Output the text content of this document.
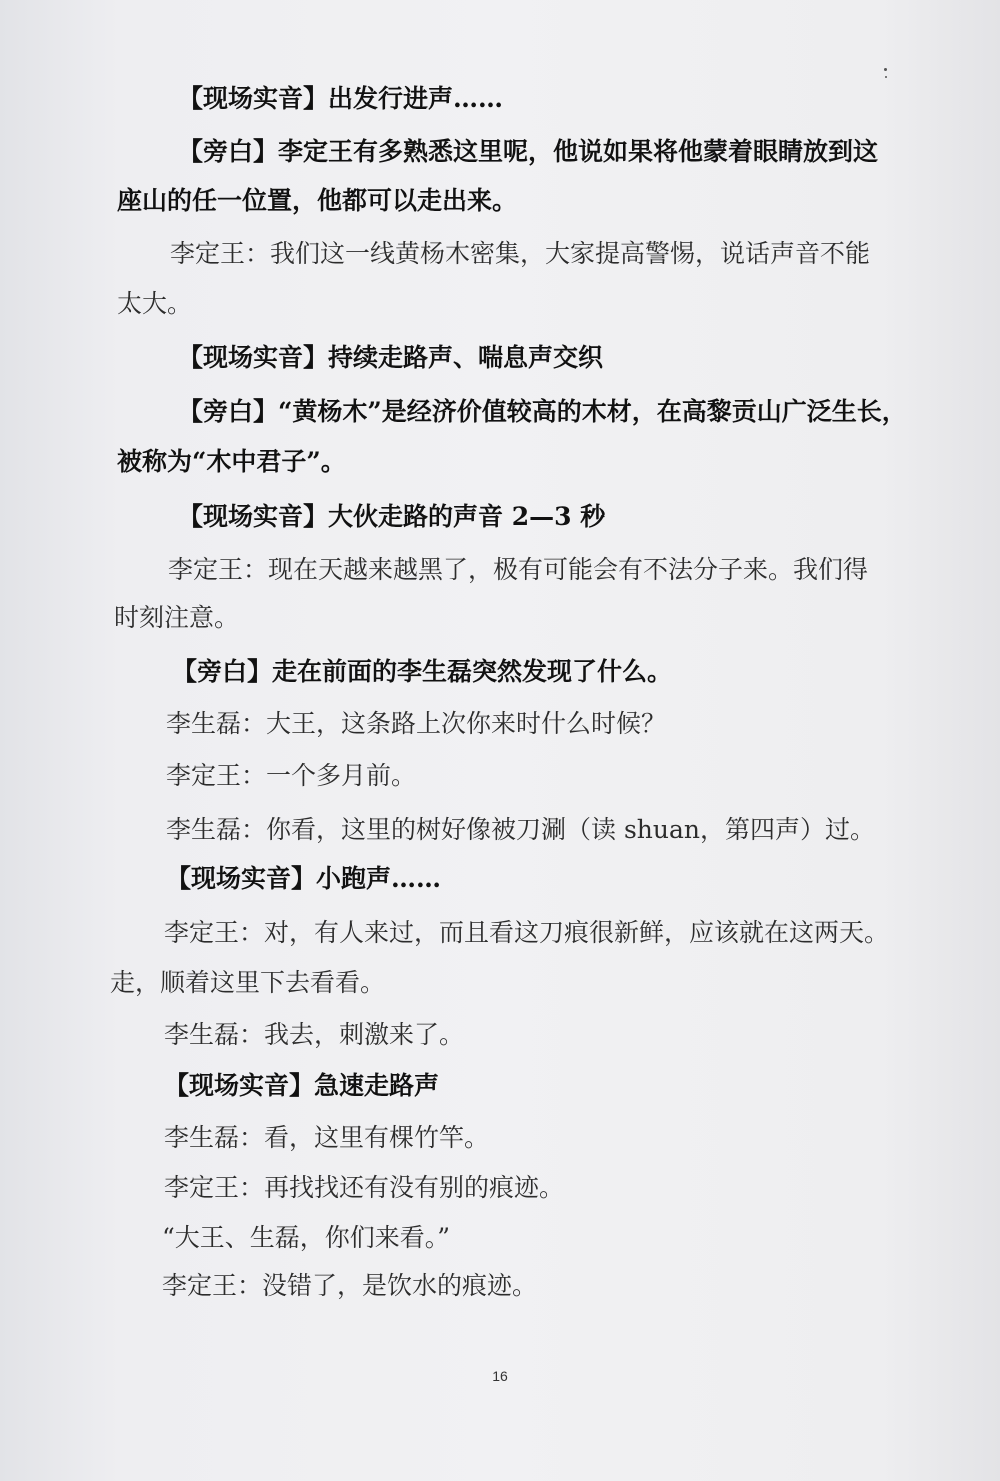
【现场实音】出发行进声……
【旁白】李定王有多熟悉这里呢，他说如果将他蒙着眼睛放到这
座山的任一位置，他都可以走出来。
李定王：我们这一线黄杨木密集，大家提高警惕，说话声音不能
太大。
【现场实音】持续走路声、喘息声交织
【旁白】“黄杨木”是经济价值较高的木材，在高黎贡山广泛生长，
被称为“木中君子”。
【现场实音】大伙走路的声音 2—3 秒
李定王：现在天越来越黑了，极有可能会有不法分子来。我们得
时刻注意。
【旁白】走在前面的李生磊突然发现了什么。
李生磊：大王，这条路上次你来时什么时候？
李定王：一个多月前。
李生磊：你看，这里的树好像被刀涮（读 shuan，第四声）过。
【现场实音】小跑声……
李定王：对，有人来过，而且看这刀痕很新鲜，应该就在这两天。
走，顺着这里下去看看。
李生磊：我去，刺激来了。
【现场实音】急速走路声
李生磊：看，这里有棵竹竿。
李定王：再找找还有没有别的痕迹。
“大王、生磊，你们来看。”
李定王：没错了，是饮水的痕迹。
16
